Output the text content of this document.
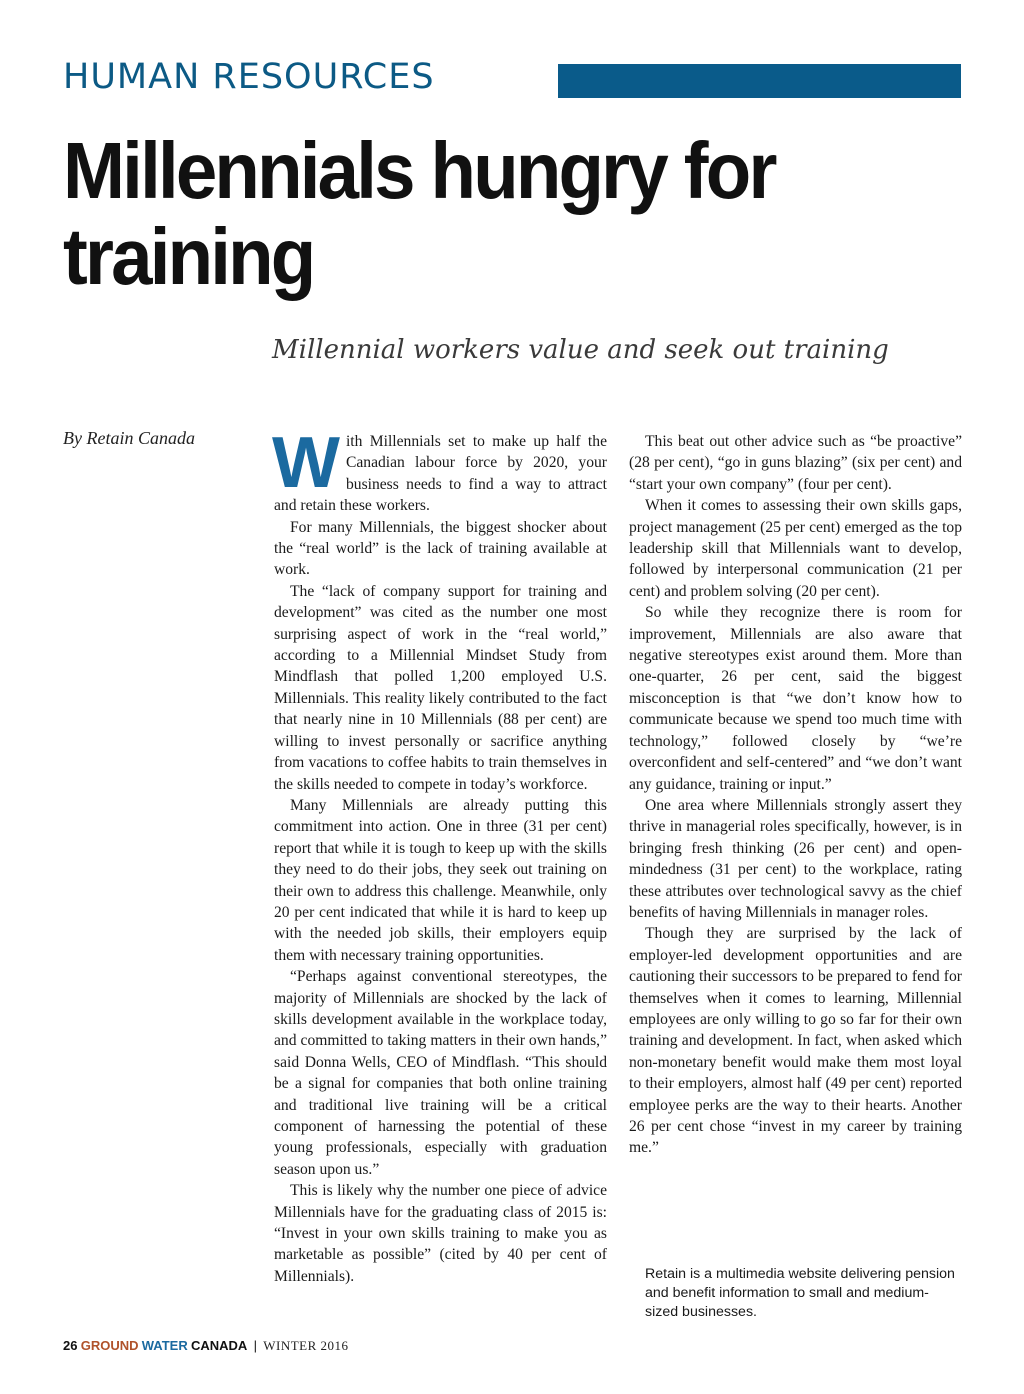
HUMAN RESOURCES
Millennials hungry for training

Millennial workers value and seek out training

By Retain Canada With Millennials set to make up half the Canadian labour force by 2020, your business needs to find a way to attract and retain these workers.

For many Millennials, the biggest shocker about the “real world” is the lack of training available at work.

The “lack of company support for training and development” was cited as the number one most surprising aspect of work in the “real world,” according to a Millennial Mindset Study from Mindflash that polled 1,200 employed U.S. Millennials. This reality likely contributed to the fact that nearly nine in 10 Millennials (88 per cent) are willing to invest personally or sacrifice anything from vacations to coffee habits to train themselves in the skills needed to compete in today’s workforce.

Many Millennials are already putting this commitment into action. One in three (31 per cent) report that while it is tough to keep up with the skills they need to do their jobs, they seek out training on their own to address this challenge. Meanwhile, only 20 per cent indicated that while it is hard to keep up with the needed job skills, their employers equip them with necessary training opportunities.

“Perhaps against conventional stereotypes, the majority of Millennials are shocked by the lack of skills development available in the workplace today, and committed to taking matters in their own hands,” said Donna Wells, CEO of Mindflash. “This should be a signal for companies that both online training and traditional live training will be a critical component of harnessing the potential of these young professionals, especially with graduation season upon us.”

This is likely why the number one piece of advice Millennials have for the graduating class of 2015 is: “Invest in your own skills training to make you as marketable as possible” (cited by 40 per cent of Millennials).

This beat out other advice such as “be proactive” (28 per cent), “go in guns blazing” (six per cent) and “start your own company” (four per cent).

When it comes to assessing their own skills gaps, project management (25 per cent) emerged as the top leadership skill that Millennials want to develop, followed by interpersonal communication (21 per cent) and problem solving (20 per cent).

So while they recognize there is room for improvement, Millennials are also aware that negative stereotypes exist around them. More than one-quarter, 26 per cent, said the biggest misconception is that “we don’t know how to communicate because we spend too much time with technology,” followed closely by “we’re overconfident and self-centered” and “we don’t want any guidance, training or input.”

One area where Millennials strongly assert they thrive in managerial roles specifically, however, is in bringing fresh thinking (26 per cent) and open-mindedness (31 per cent) to the workplace, rating these attributes over technological savvy as the chief benefits of having Millennials in manager roles.

Though they are surprised by the lack of employer-led development opportunities and are cautioning their successors to be prepared to fend for themselves when it comes to learning, Millennial employees are only willing to go so far for their own training and development. In fact, when asked which non-monetary benefit would make them most loyal to their employers, almost half (49 per cent) reported employee perks are the way to their hearts. Another 26 per cent chose “invest in my career by training me.”

Retain is a multimedia website delivering pension and benefit information to small and medium-sized businesses.

26 GROUND WATER CANADA | WINTER 2016
